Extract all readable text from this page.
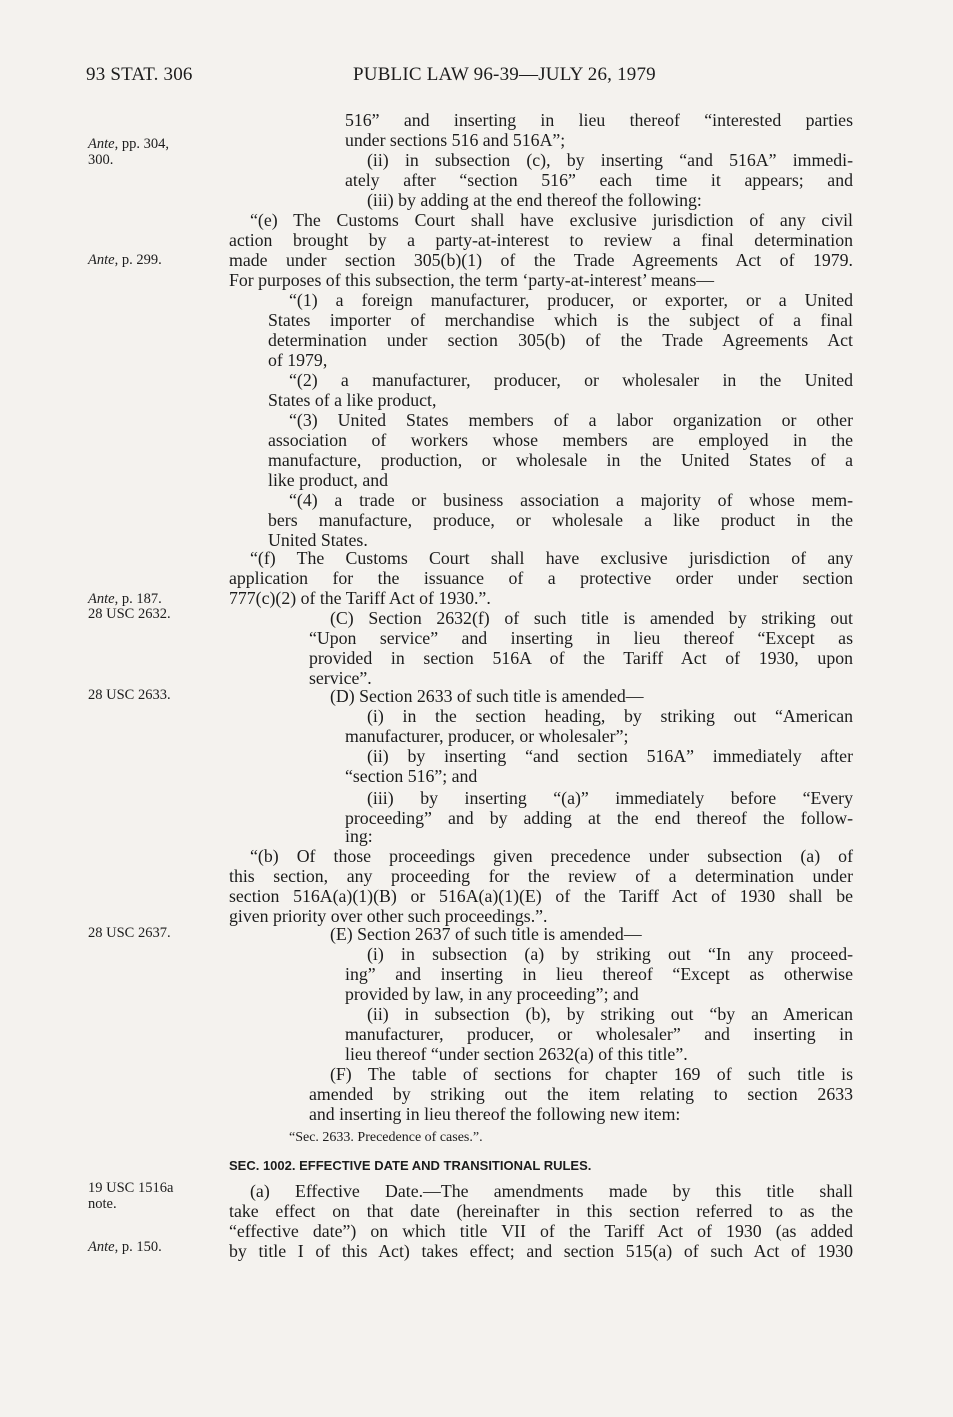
93 STAT. 306	PUBLIC LAW 96-39—JULY 26, 1979
Ante, pp. 304,
300.
Ante, p. 299.
Ante, p. 187.
28 USC 2632.
28 USC 2633.
28 USC 2637.
19 USC 1516a
note.
Ante, p. 150.
516” and inserting in lieu thereof “interested parties
under sections 516 and 516A”;
(ii) in subsection (c), by inserting “and 516A” immedi-
ately after “section 516” each time it appears; and
(iii) by adding at the end thereof the following:
“(e) The Customs Court shall have exclusive jurisdiction of any civil
action brought by a party-at-interest to review a final determination
made under section 305(b)(1) of the Trade Agreements Act of 1979.
For purposes of this subsection, the term ‘party-at-interest’ means—
“(1) a foreign manufacturer, producer, or exporter, or a United
States importer of merchandise which is the subject of a final
determination under section 305(b) of the Trade Agreements Act
of 1979,
“(2) a manufacturer, producer, or wholesaler in the United
States of a like product,
“(3) United States members of a labor organization or other
association of workers whose members are employed in the
manufacture, production, or wholesale in the United States of a
like product, and
“(4) a trade or business association a majority of whose mem-
bers manufacture, produce, or wholesale a like product in the
United States.
“(f) The Customs Court shall have exclusive jurisdiction of any
application for the issuance of a protective order under section
777(c)(2) of the Tariff Act of 1930.”.
(C) Section 2632(f) of such title is amended by striking out
“Upon service” and inserting in lieu thereof “Except as
provided in section 516A of the Tariff Act of 1930, upon
service”.
(D) Section 2633 of such title is amended—
(i) in the section heading, by striking out “American
manufacturer, producer, or wholesaler”;
(ii) by inserting “and section 516A” immediately after
“section 516”; and
(iii) by inserting “(a)” immediately before “Every
proceeding” and by adding at the end thereof the follow-
ing:
“(b) Of those proceedings given precedence under subsection (a) of
this section, any proceeding for the review of a determination under
section 516A(a)(1)(B) or 516A(a)(1)(E) of the Tariff Act of 1930 shall be
given priority over other such proceedings.”.
(E) Section 2637 of such title is amended—
(i) in subsection (a) by striking out “In any proceed-
ing” and inserting in lieu thereof “Except as otherwise
provided by law, in any proceeding”; and
(ii) in subsection (b), by striking out “by an American
manufacturer, producer, or wholesaler” and inserting in
lieu thereof “under section 2632(a) of this title”.
(F) The table of sections for chapter 169 of such title is
amended by striking out the item relating to section 2633
and inserting in lieu thereof the following new item:
“Sec. 2633. Precedence of cases.”.
SEC. 1002. EFFECTIVE DATE AND TRANSITIONAL RULES.
(a) Effective Date.—The amendments made by this title shall
take effect on that date (hereinafter in this section referred to as the
“effective date”) on which title VII of the Tariff Act of 1930 (as added
by title I of this Act) takes effect; and section 515(a) of such Act of 1930
